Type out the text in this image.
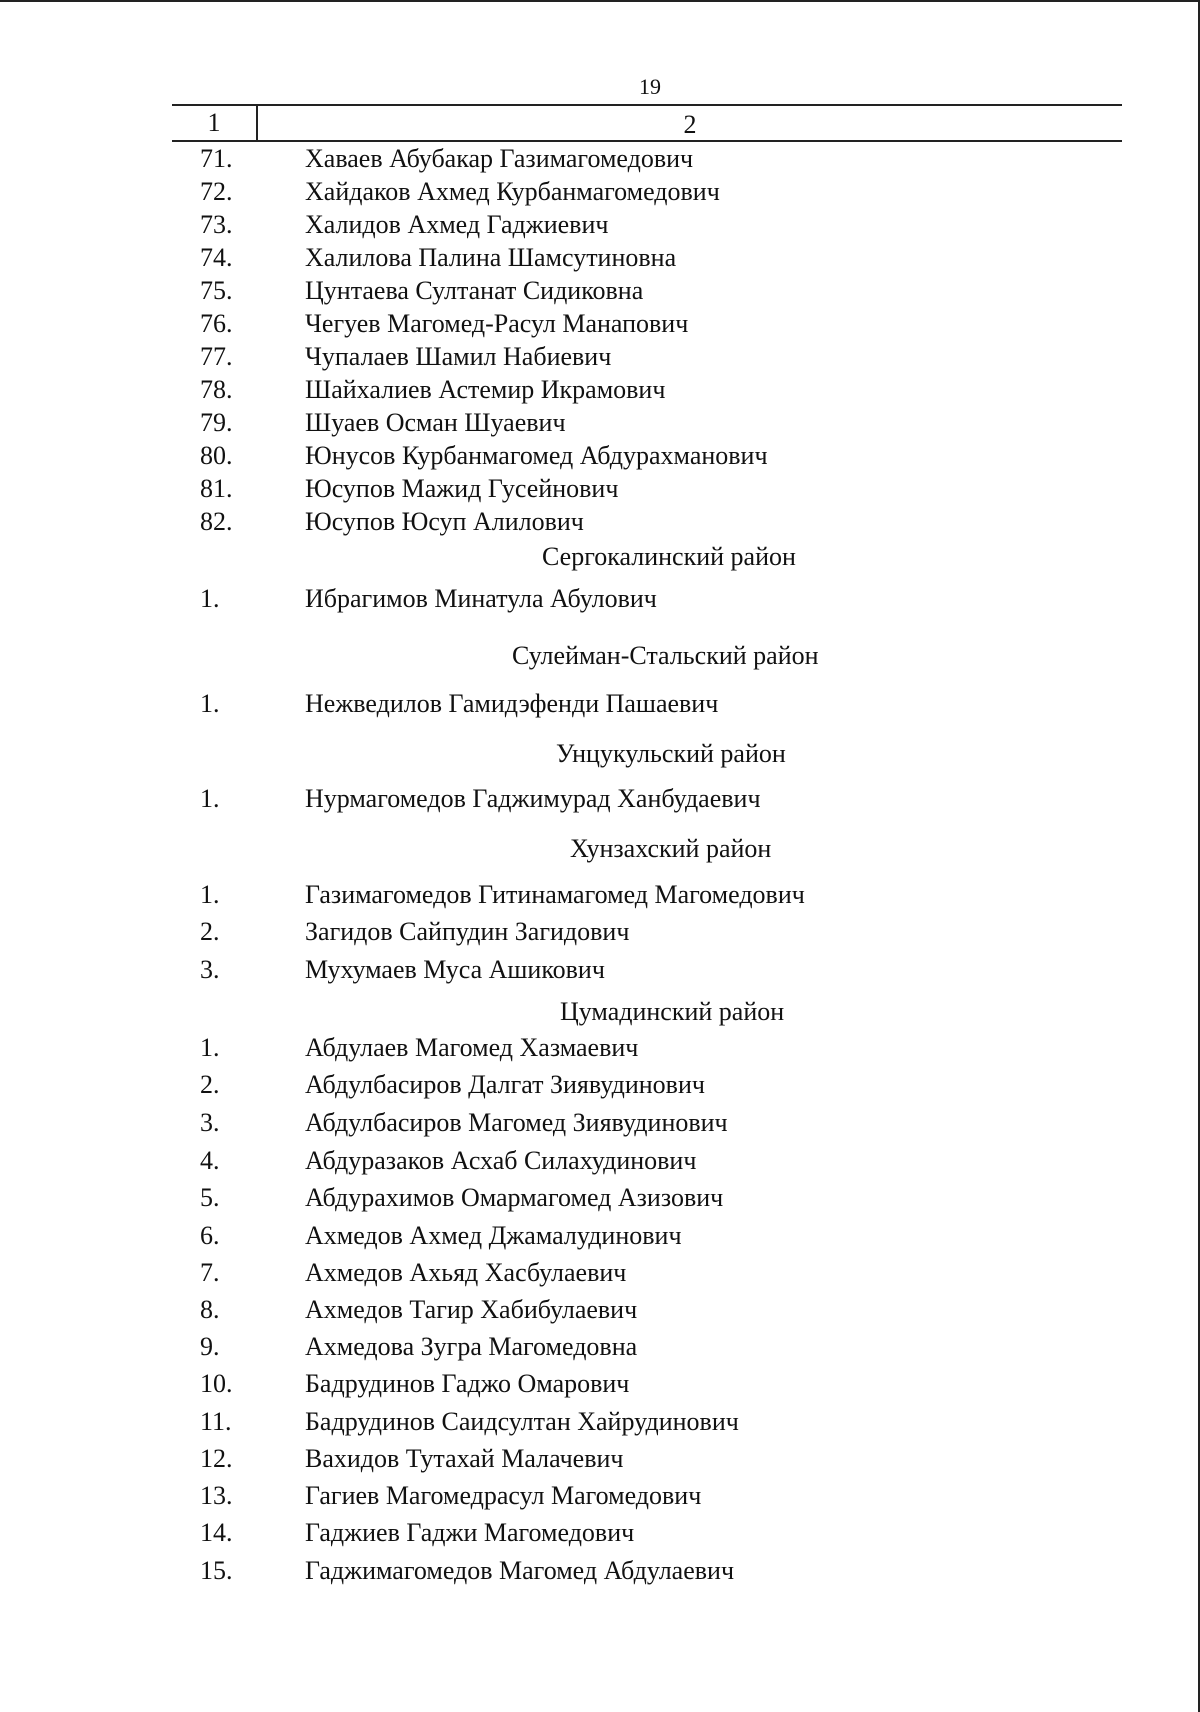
19
1	2
71.	Хаваев Абубакар Газимагомедович
72.	Хайдаков Ахмед Курбанмагомедович
73.	Халидов Ахмед Гаджиевич
74.	Халилова Палина Шамсутиновна
75.	Цунтаева Султанат Сидиковна
76.	Чегуев Магомед-Расул Манапович
77.	Чупалаев Шамил Набиевич
78.	Шайхалиев Астемир Икрамович
79.	Шуаев Осман Шуаевич
80.	Юнусов Курбанмагомед Абдурахманович
81.	Юсупов Мажид Гусейнович
82.	Юсупов Юсуп Алилович
Сергокалинский район
1.	Ибрагимов Минатула Абулович
Сулейман-Стальский район
1.	Нежведилов Гамидэфенди Пашаевич
Унцукульский район
1.	Нурмагомедов Гаджимурад Ханбудаевич
Хунзахский район
1.	Газимагомедов Гитинамагомед Магомедович
2.	Загидов Сайпудин Загидович
3.	Мухумаев Муса Ашикович
Цумадинский район
1.	Абдулаев Магомед Хазмаевич
2.	Абдулбасиров Далгат Зиявудинович
3.	Абдулбасиров Магомед Зиявудинович
4.	Абдуразаков Асхаб Силахудинович
5.	Абдурахимов Омармагомед Азизович
6.	Ахмедов Ахмед Джамалудинович
7.	Ахмедов Ахьяд Хасбулаевич
8.	Ахмедов Тагир Хабибулаевич
9.	Ахмедова Зугра Магомедовна
10.	Бадрудинов Гаджо Омарович
11.	Бадрудинов Саидсултан Хайрудинович
12.	Вахидов Тутахай Малачевич
13.	Гагиев Магомедрасул Магомедович
14.	Гаджиев Гаджи Магомедович
15.	Гаджимагомедов Магомед Абдулаевич
